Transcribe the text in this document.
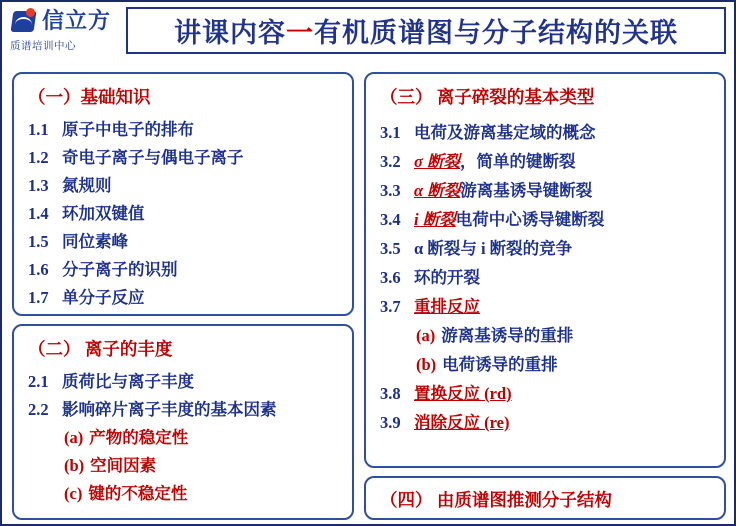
信立方
质谱培训中心	讲课内容一有机质谱图与分子结构的关联
（一）基础知识
1.1 原子中电子的排布
1.2 奇电子离子与偶电子离子
1.3 氮规则
1.4 环加双键值
1.5 同位素峰
1.6 分子离子的识别
1.7 单分子反应
（二） 离子的丰度
2.1 质荷比与离子丰度
2.2 影响碎片离子丰度的基本因素
(a) 产物的稳定性
(b) 空间因素
(c) 键的不稳定性
（三） 离子碎裂的基本类型
3.1 电荷及游离基定域的概念
3.2 σ 断裂 ，简单的键断裂
3.3 α 断裂 游离基诱导键断裂
3.4 i 断裂 电荷中心诱导键断裂
3.5 α 断裂与 i 断裂的竞争
3.6 环的开裂
3.7 重排反应
(a) 游离基诱导的重排
(b) 电荷诱导的重排
3.8 置换反应 (rd)
3.9 消除反应 (re)
（四） 由质谱图推测分子结构
